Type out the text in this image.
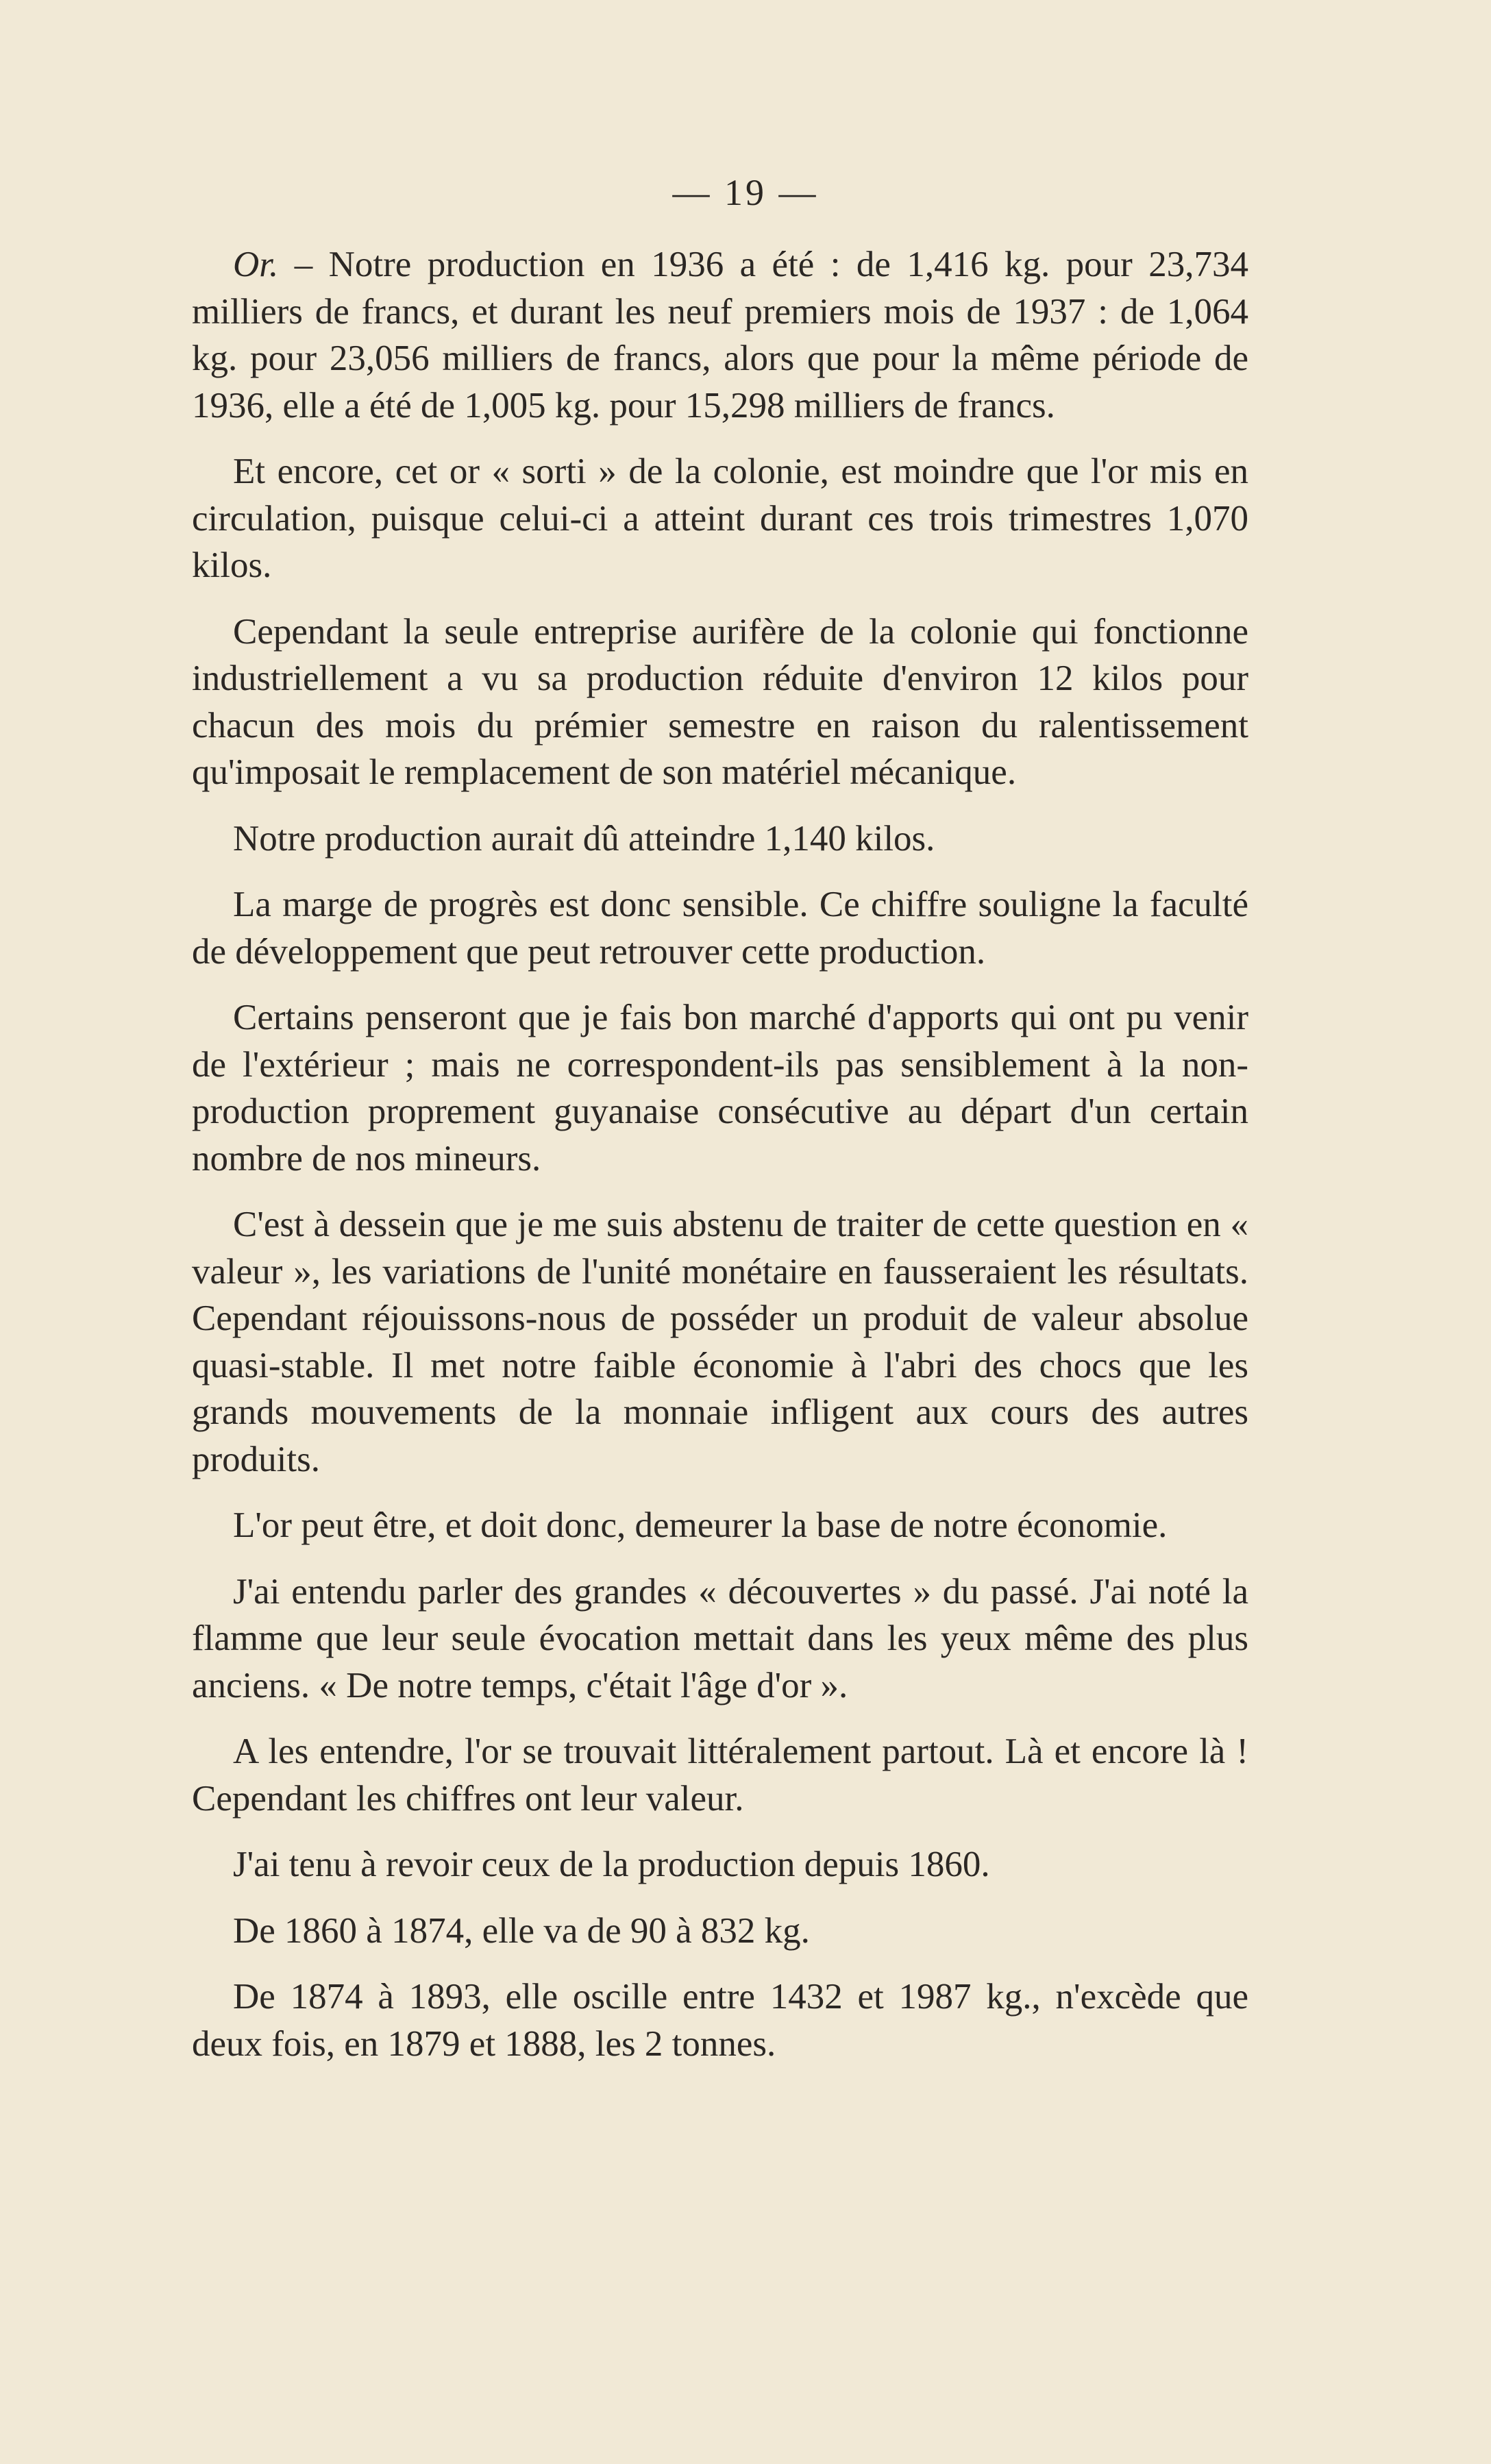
— 19 —

Or. – Notre production en 1936 a été : de 1,416 kg. pour 23,734 milliers de francs, et durant les neuf premiers mois de 1937 : de 1,064 kg. pour 23,056 milliers de francs, alors que pour la même période de 1936, elle a été de 1,005 kg. pour 15,298 milliers de francs.

Et encore, cet or « sorti » de la colonie, est moindre que l'or mis en circulation, puisque celui-ci a atteint durant ces trois trimestres 1,070 kilos.

Cependant la seule entreprise aurifère de la colonie qui fonctionne industriellement a vu sa production réduite d'environ 12 kilos pour chacun des mois du prémier semestre en raison du ralentissement qu'imposait le remplacement de son matériel mécanique.

Notre production aurait dû atteindre 1,140 kilos.

La marge de progrès est donc sensible. Ce chiffre souligne la faculté de développement que peut retrouver cette production.

Certains penseront que je fais bon marché d'apports qui ont pu venir de l'extérieur ; mais ne correspondent-ils pas sensiblement à la non-production proprement guyanaise consécutive au départ d'un certain nombre de nos mineurs.

C'est à dessein que je me suis abstenu de traiter de cette question en « valeur », les variations de l'unité monétaire en fausseraient les résultats. Cependant réjouissons-nous de posséder un produit de valeur absolue quasi-stable. Il met notre faible économie à l'abri des chocs que les grands mouvements de la monnaie infligent aux cours des autres produits.

L'or peut être, et doit donc, demeurer la base de notre économie.

J'ai entendu parler des grandes « découvertes » du passé. J'ai noté la flamme que leur seule évocation mettait dans les yeux même des plus anciens. « De notre temps, c'était l'âge d'or ».

A les entendre, l'or se trouvait littéralement partout. Là et encore là ! Cependant les chiffres ont leur valeur.

J'ai tenu à revoir ceux de la production depuis 1860.

De 1860 à 1874, elle va de 90 à 832 kg.

De 1874 à 1893, elle oscille entre 1432 et 1987 kg., n'excède que deux fois, en 1879 et 1888, les 2 tonnes.
